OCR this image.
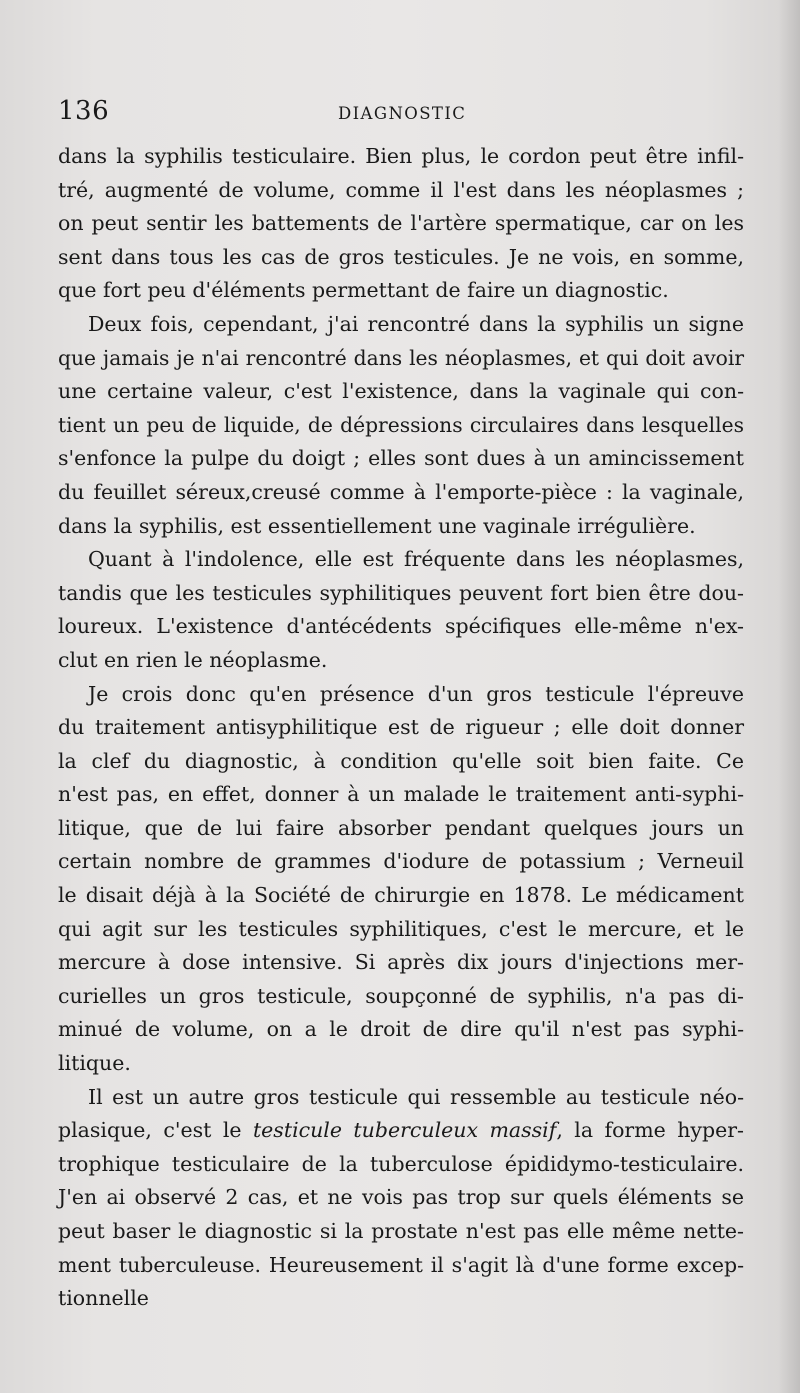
136	DIAGNOSTIC
dans la syphilis testiculaire. Bien plus, le cordon peut être infil-
tré, augmenté de volume, comme il l'est dans les néoplasmes ;
on peut sentir les battements de l'artère spermatique, car on les
sent dans tous les cas de gros testicules. Je ne vois, en somme,
que fort peu d'éléments permettant de faire un diagnostic.
Deux fois, cependant, j'ai rencontré dans la syphilis un signe
que jamais je n'ai rencontré dans les néoplasmes, et qui doit avoir
une certaine valeur, c'est l'existence, dans la vaginale qui con-
tient un peu de liquide, de dépressions circulaires dans lesquelles
s'enfonce la pulpe du doigt ; elles sont dues à un amincissement
du feuillet séreux,creusé comme à l'emporte-pièce : la vaginale,
dans la syphilis, est essentiellement une vaginale irrégulière.
Quant à l'indolence, elle est fréquente dans les néoplasmes,
tandis que les testicules syphilitiques peuvent fort bien être dou-
loureux. L'existence d'antécédents spécifiques elle-même n'ex-
clut en rien le néoplasme.
Je crois donc qu'en présence d'un gros testicule l'épreuve
du traitement antisyphilitique est de rigueur ; elle doit donner
la clef du diagnostic, à condition qu'elle soit bien faite. Ce
n'est pas, en effet, donner à un malade le traitement anti-syphi-
litique, que de lui faire absorber pendant quelques jours un
certain nombre de grammes d'iodure de potassium ; Verneuil
le disait déjà à la Société de chirurgie en 1878. Le médicament
qui agit sur les testicules syphilitiques, c'est le mercure, et le
mercure à dose intensive. Si après dix jours d'injections mer-
curielles un gros testicule, soupçonné de syphilis, n'a pas di-
minué de volume, on a le droit de dire qu'il n'est pas syphi-
litique.
Il est un autre gros testicule qui ressemble au testicule néo-
plasique, c'est le testicule tuberculeux massif, la forme hyper-
trophique testiculaire de la tuberculose épididymo-testiculaire.
J'en ai observé 2 cas, et ne vois pas trop sur quels éléments se
peut baser le diagnostic si la prostate n'est pas elle même nette-
ment tuberculeuse. Heureusement il s'agit là d'une forme excep-
tionnelle
